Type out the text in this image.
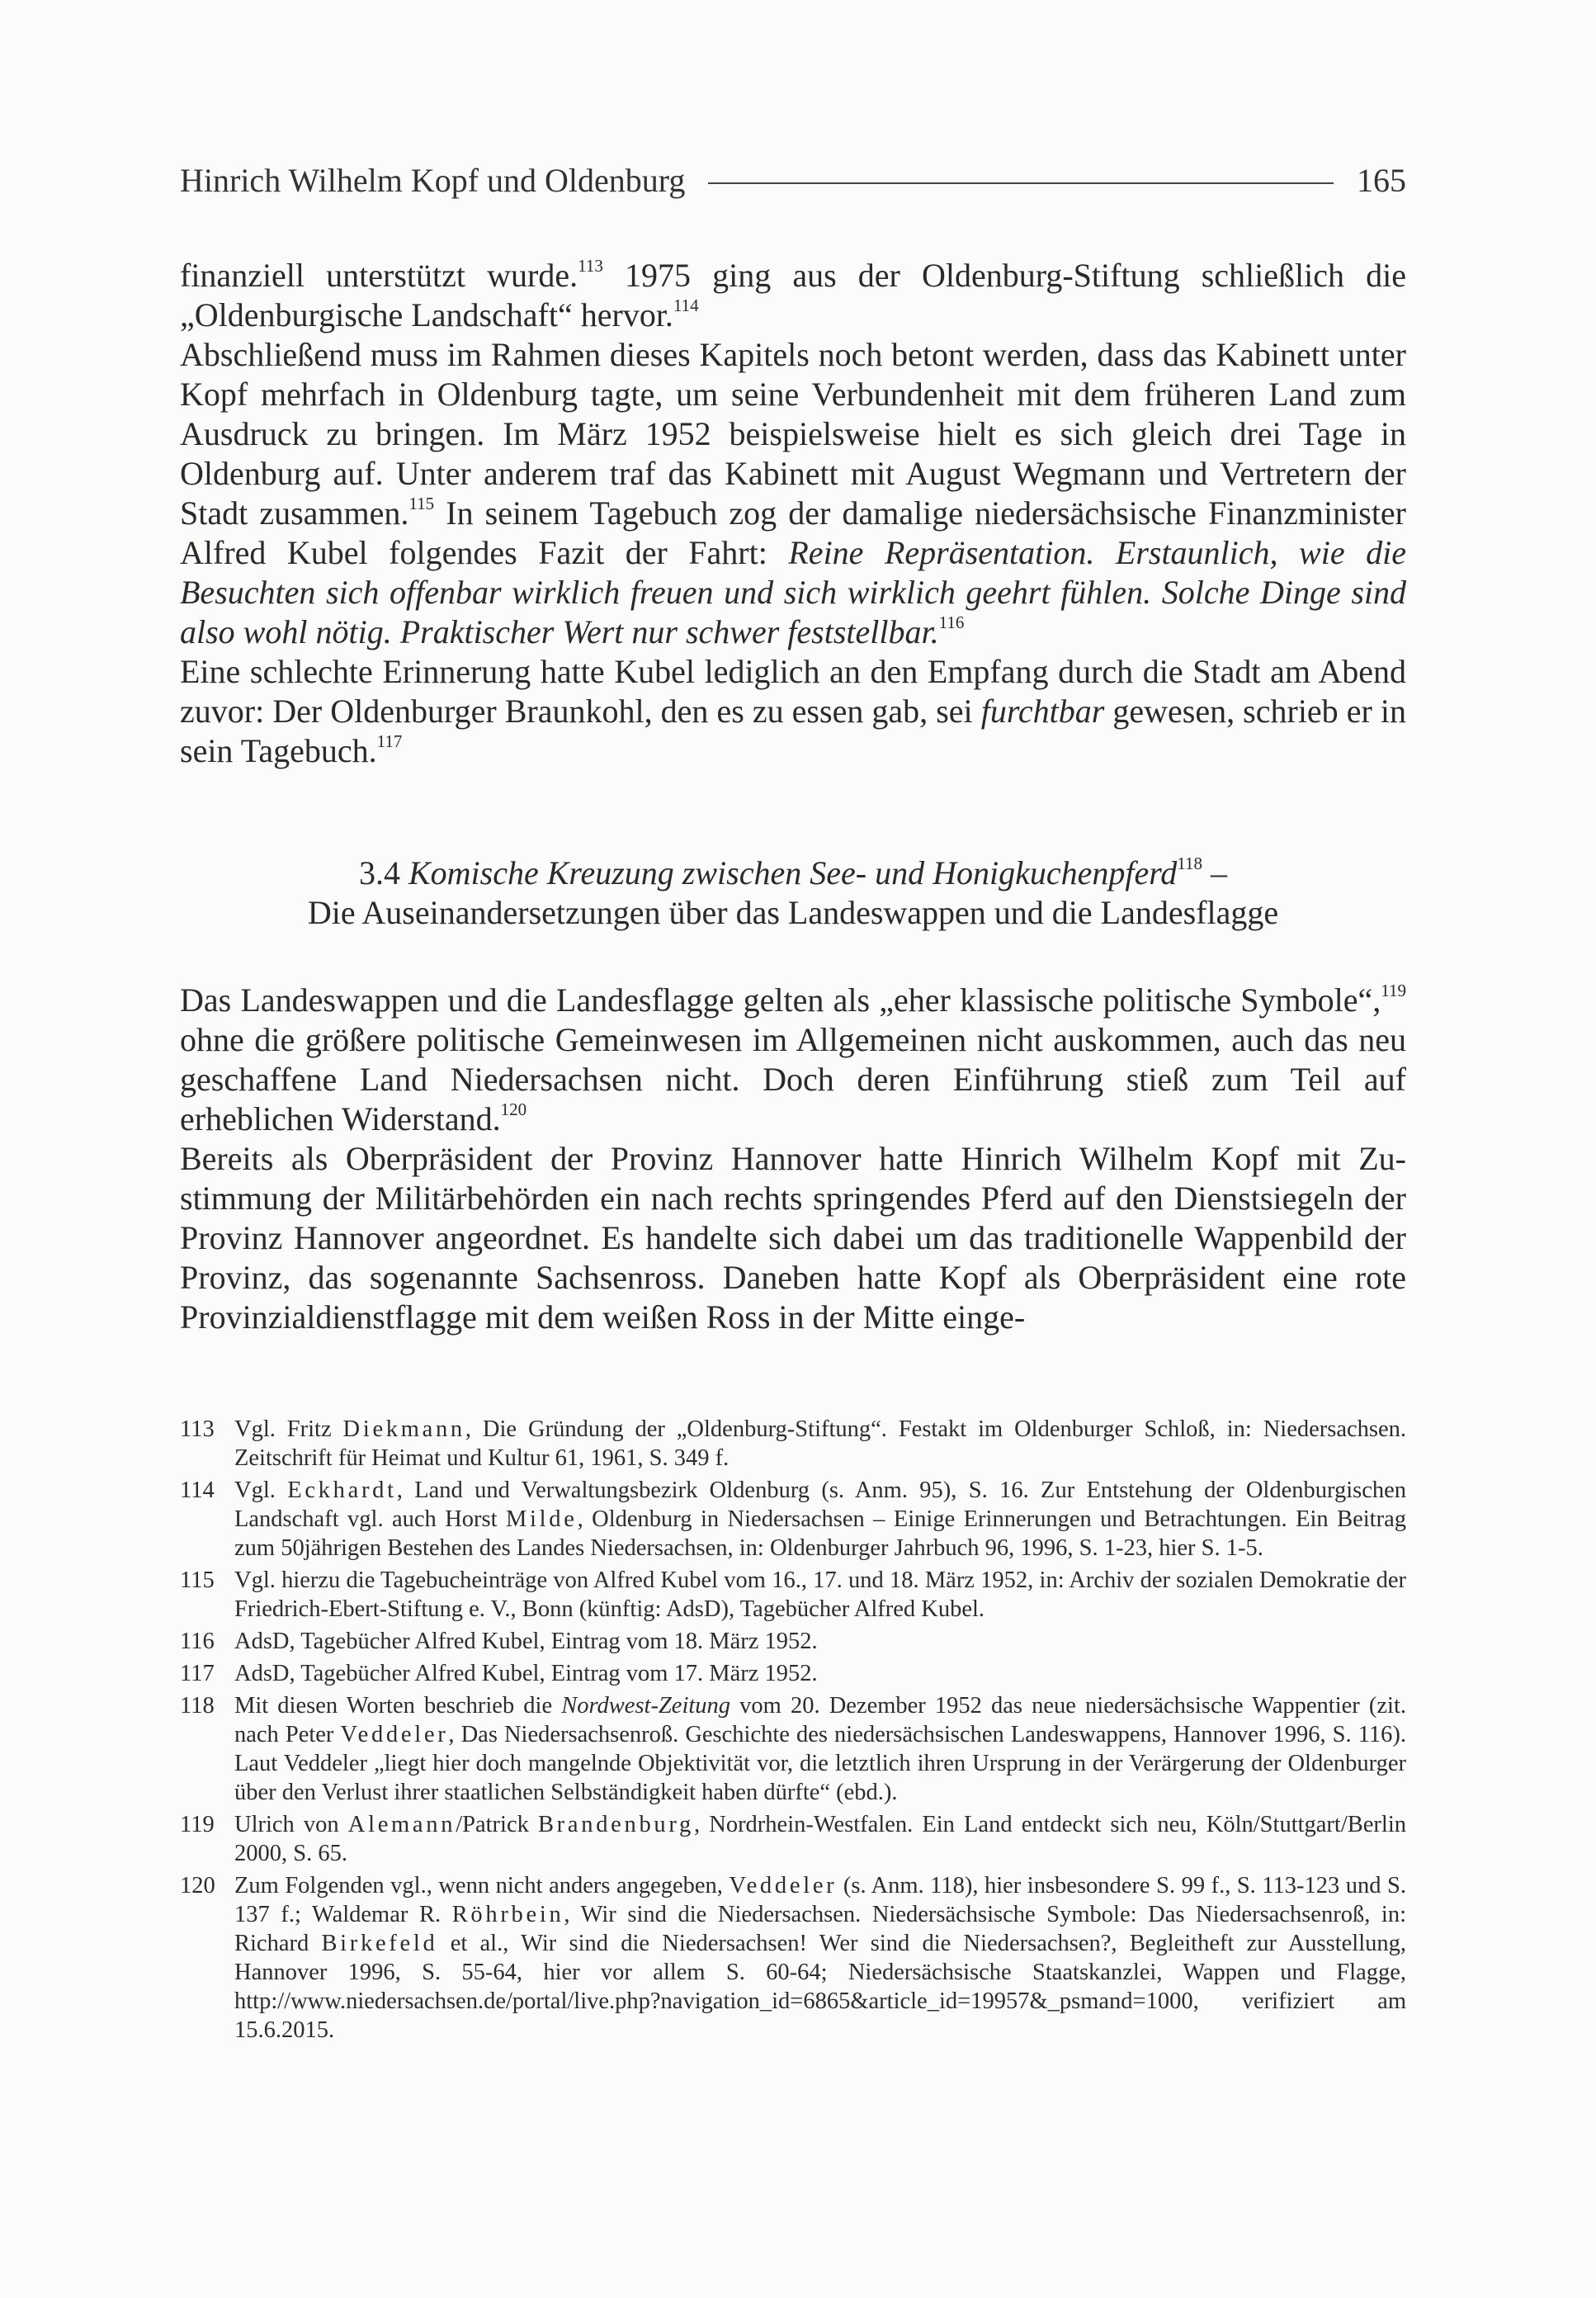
Hinrich Wilhelm Kopf und Oldenburg	165

finanziell unterstützt wurde.$^{113}$ 1975 ging aus der Oldenburg-Stiftung schließlich die „Oldenburgische Landschaft“ hervor.$^{114}$

Abschließend muss im Rahmen dieses Kapitels noch betont werden, dass das Kabinett unter Kopf mehrfach in Oldenburg tagte, um seine Verbundenheit mit dem früheren Land zum Ausdruck zu bringen. Im März 1952 beispielsweise hielt es sich gleich drei Tage in Oldenburg auf. Unter anderem traf das Kabinett mit August Wegmann und Vertretern der Stadt zusammen.$^{115}$ In seinem Tagebuch zog der damalige niedersächsische Finanzminister Alfred Kubel folgendes Fazit der Fahrt: Reine Repräsentation. Erstaunlich, wie die Besuchten sich offenbar wirklich freuen und sich wirklich geehrt fühlen. Solche Dinge sind also wohl nötig. Praktischer Wert nur schwer feststellbar.$^{116}$

Eine schlechte Erinnerung hatte Kubel lediglich an den Empfang durch die Stadt am Abend zuvor: Der Oldenburger Braunkohl, den es zu essen gab, sei furchtbar gewesen, schrieb er in sein Tagebuch.$^{117}$

3.4 Komische Kreuzung zwischen See- und Honigkuchenpferd$^{118}$ –
Die Auseinandersetzungen über das Landeswappen und die Landesflagge

Das Landeswappen und die Landesflagge gelten als „eher klassische politische Symbole“,$^{119}$ ohne die größere politische Gemeinwesen im Allgemeinen nicht auskommen, auch das neu geschaffene Land Niedersachsen nicht. Doch deren Einführung stieß zum Teil auf erheblichen Widerstand.$^{120}$

Bereits als Oberpräsident der Provinz Hannover hatte Hinrich Wilhelm Kopf mit Zustimmung der Militärbehörden ein nach rechts springendes Pferd auf den Dienstsiegeln der Provinz Hannover angeordnet. Es handelte sich dabei um das traditionelle Wappenbild der Provinz, das sogenannte Sachsenross. Daneben hatte Kopf als Oberpräsident eine rote Provinzialdienstflagge mit dem weißen Ross in der Mitte einge-

113 Vgl. Fritz Diekmann, Die Gründung der „Oldenburg-Stiftung“. Festakt im Oldenburger Schloß, in: Niedersachsen. Zeitschrift für Heimat und Kultur 61, 1961, S. 349 f.
114 Vgl. Eckhardt, Land und Verwaltungsbezirk Oldenburg (s. Anm. 95), S. 16. Zur Entstehung der Oldenburgischen Landschaft vgl. auch Horst Milde, Oldenburg in Niedersachsen – Einige Erinnerungen und Betrachtungen. Ein Beitrag zum 50jährigen Bestehen des Landes Niedersachsen, in: Oldenburger Jahrbuch 96, 1996, S. 1-23, hier S. 1-5.
115 Vgl. hierzu die Tagebucheinträge von Alfred Kubel vom 16., 17. und 18. März 1952, in: Archiv der sozialen Demokratie der Friedrich-Ebert-Stiftung e. V., Bonn (künftig: AdsD), Tagebücher Alfred Kubel.
116 AdsD, Tagebücher Alfred Kubel, Eintrag vom 18. März 1952.
117 AdsD, Tagebücher Alfred Kubel, Eintrag vom 17. März 1952.
118 Mit diesen Worten beschrieb die Nordwest-Zeitung vom 20. Dezember 1952 das neue niedersächsische Wappentier (zit. nach Peter Veddeler, Das Niedersachsenroß. Geschichte des niedersächsischen Landeswappens, Hannover 1996, S. 116). Laut Veddeler „liegt hier doch mangelnde Objektivität vor, die letztlich ihren Ursprung in der Verärgerung der Oldenburger über den Verlust ihrer staatlichen Selbständigkeit haben dürfte“ (ebd.).
119 Ulrich von Alemann/Patrick Brandenburg, Nordrhein-Westfalen. Ein Land entdeckt sich neu, Köln/Stuttgart/Berlin 2000, S. 65.
120 Zum Folgenden vgl., wenn nicht anders angegeben, Veddeler (s. Anm. 118), hier insbesondere S. 99 f., S. 113-123 und S. 137 f.; Waldemar R. Röhrbein, Wir sind die Niedersachsen. Niedersächsische Symbole: Das Niedersachsenroß, in: Richard Birkefeld et al., Wir sind die Niedersachsen! Wer sind die Niedersachsen?, Begleitheft zur Ausstellung, Hannover 1996, S. 55-64, hier vor allem S. 60-64; Niedersächsische Staatskanzlei, Wappen und Flagge, http://www.niedersachsen.de/portal/live.php?navigation_id=6865&article_id=19957&_psmand=1000, verifiziert am 15.6.2015.
